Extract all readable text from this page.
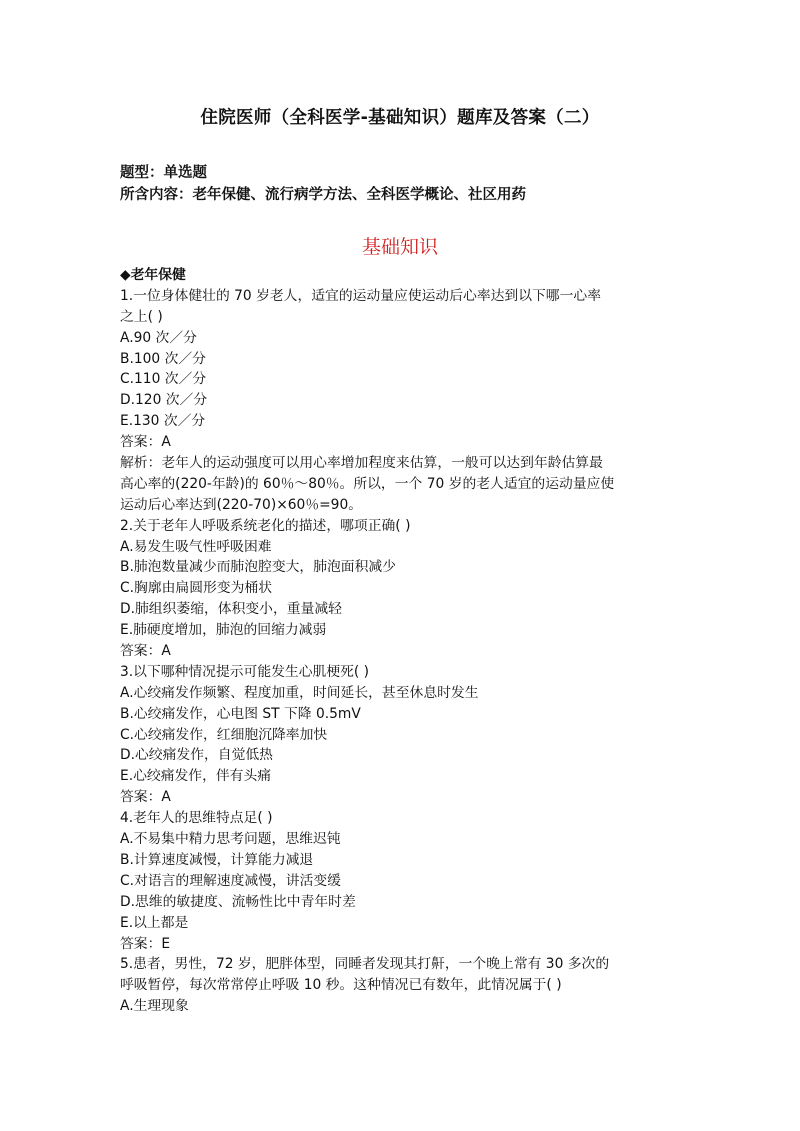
住院医师（全科医学-基础知识）题库及答案（二）
题型：单选题
所含内容：老年保健、流行病学方法、全科医学概论、社区用药
基础知识
◆老年保健
1.一位身体健壮的 70 岁老人，适宜的运动量应使运动后心率达到以下哪一心率
之上( )
A.90 次／分
B.100 次／分
C.110 次／分
D.120 次／分
E.130 次／分
答案：A
解析：老年人的运动强度可以用心率增加程度来估算，一般可以达到年龄估算最
高心率的(220-年龄)的 60％～80％。所以，一个 70 岁的老人适宜的运动量应使
运动后心率达到(220-70)×60％=90。
2.关于老年人呼吸系统老化的描述，哪项正确( )
A.易发生吸气性呼吸困难
B.肺泡数量减少而肺泡腔变大，肺泡面积减少
C.胸廓由扁圆形变为桶状
D.肺组织萎缩，体积变小，重量减轻
E.肺硬度增加，肺泡的回缩力减弱
答案：A
3.以下哪种情况提示可能发生心肌梗死( )
A.心绞痛发作频繁、程度加重，时间延长，甚至休息时发生
B.心绞痛发作，心电图 ST 下降 0.5mV
C.心绞痛发作，红细胞沉降率加快
D.心绞痛发作，自觉低热
E.心绞痛发作，伴有头痛
答案：A
4.老年人的思维特点足( )
A.不易集中精力思考问题，思维迟钝
B.计算速度减慢，计算能力减退
C.对语言的理解速度减慢，讲活变缓
D.思维的敏捷度、流畅性比中青年时差
E.以上都是
答案：E
5.患者，男性，72 岁，肥胖体型，同睡者发现其打鼾，一个晚上常有 30 多次的
呼吸暂停，每次常常停止呼吸 10 秒。这种情况已有数年，此情况属于( )
A.生理现象
